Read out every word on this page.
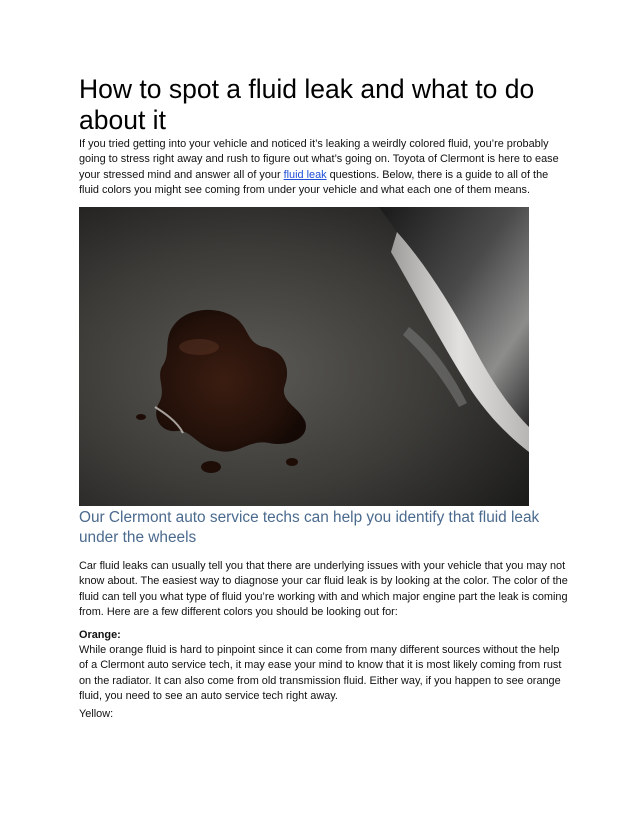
How to spot a fluid leak and what to do about it

If you tried getting into your vehicle and noticed it’s leaking a weirdly colored fluid, you’re probably going to stress right away and rush to figure out what’s going on. Toyota of Clermont is here to ease your stressed mind and answer all of your fluid leak questions. Below, there is a guide to all of the fluid colors you might see coming from under your vehicle and what each one of them means.

Our Clermont auto service techs can help you identify that fluid leak under the wheels

Car fluid leaks can usually tell you that there are underlying issues with your vehicle that you may not know about. The easiest way to diagnose your car fluid leak is by looking at the color. The color of the fluid can tell you what type of fluid you’re working with and which major engine part the leak is coming from. Here are a few different colors you should be looking out for:

Orange:

While orange fluid is hard to pinpoint since it can come from many different sources without the help of a Clermont auto service tech, it may ease your mind to know that it is most likely coming from rust on the radiator. It can also come from old transmission fluid. Either way, if you happen to see orange fluid, you need to see an auto service tech right away.

Yellow:
